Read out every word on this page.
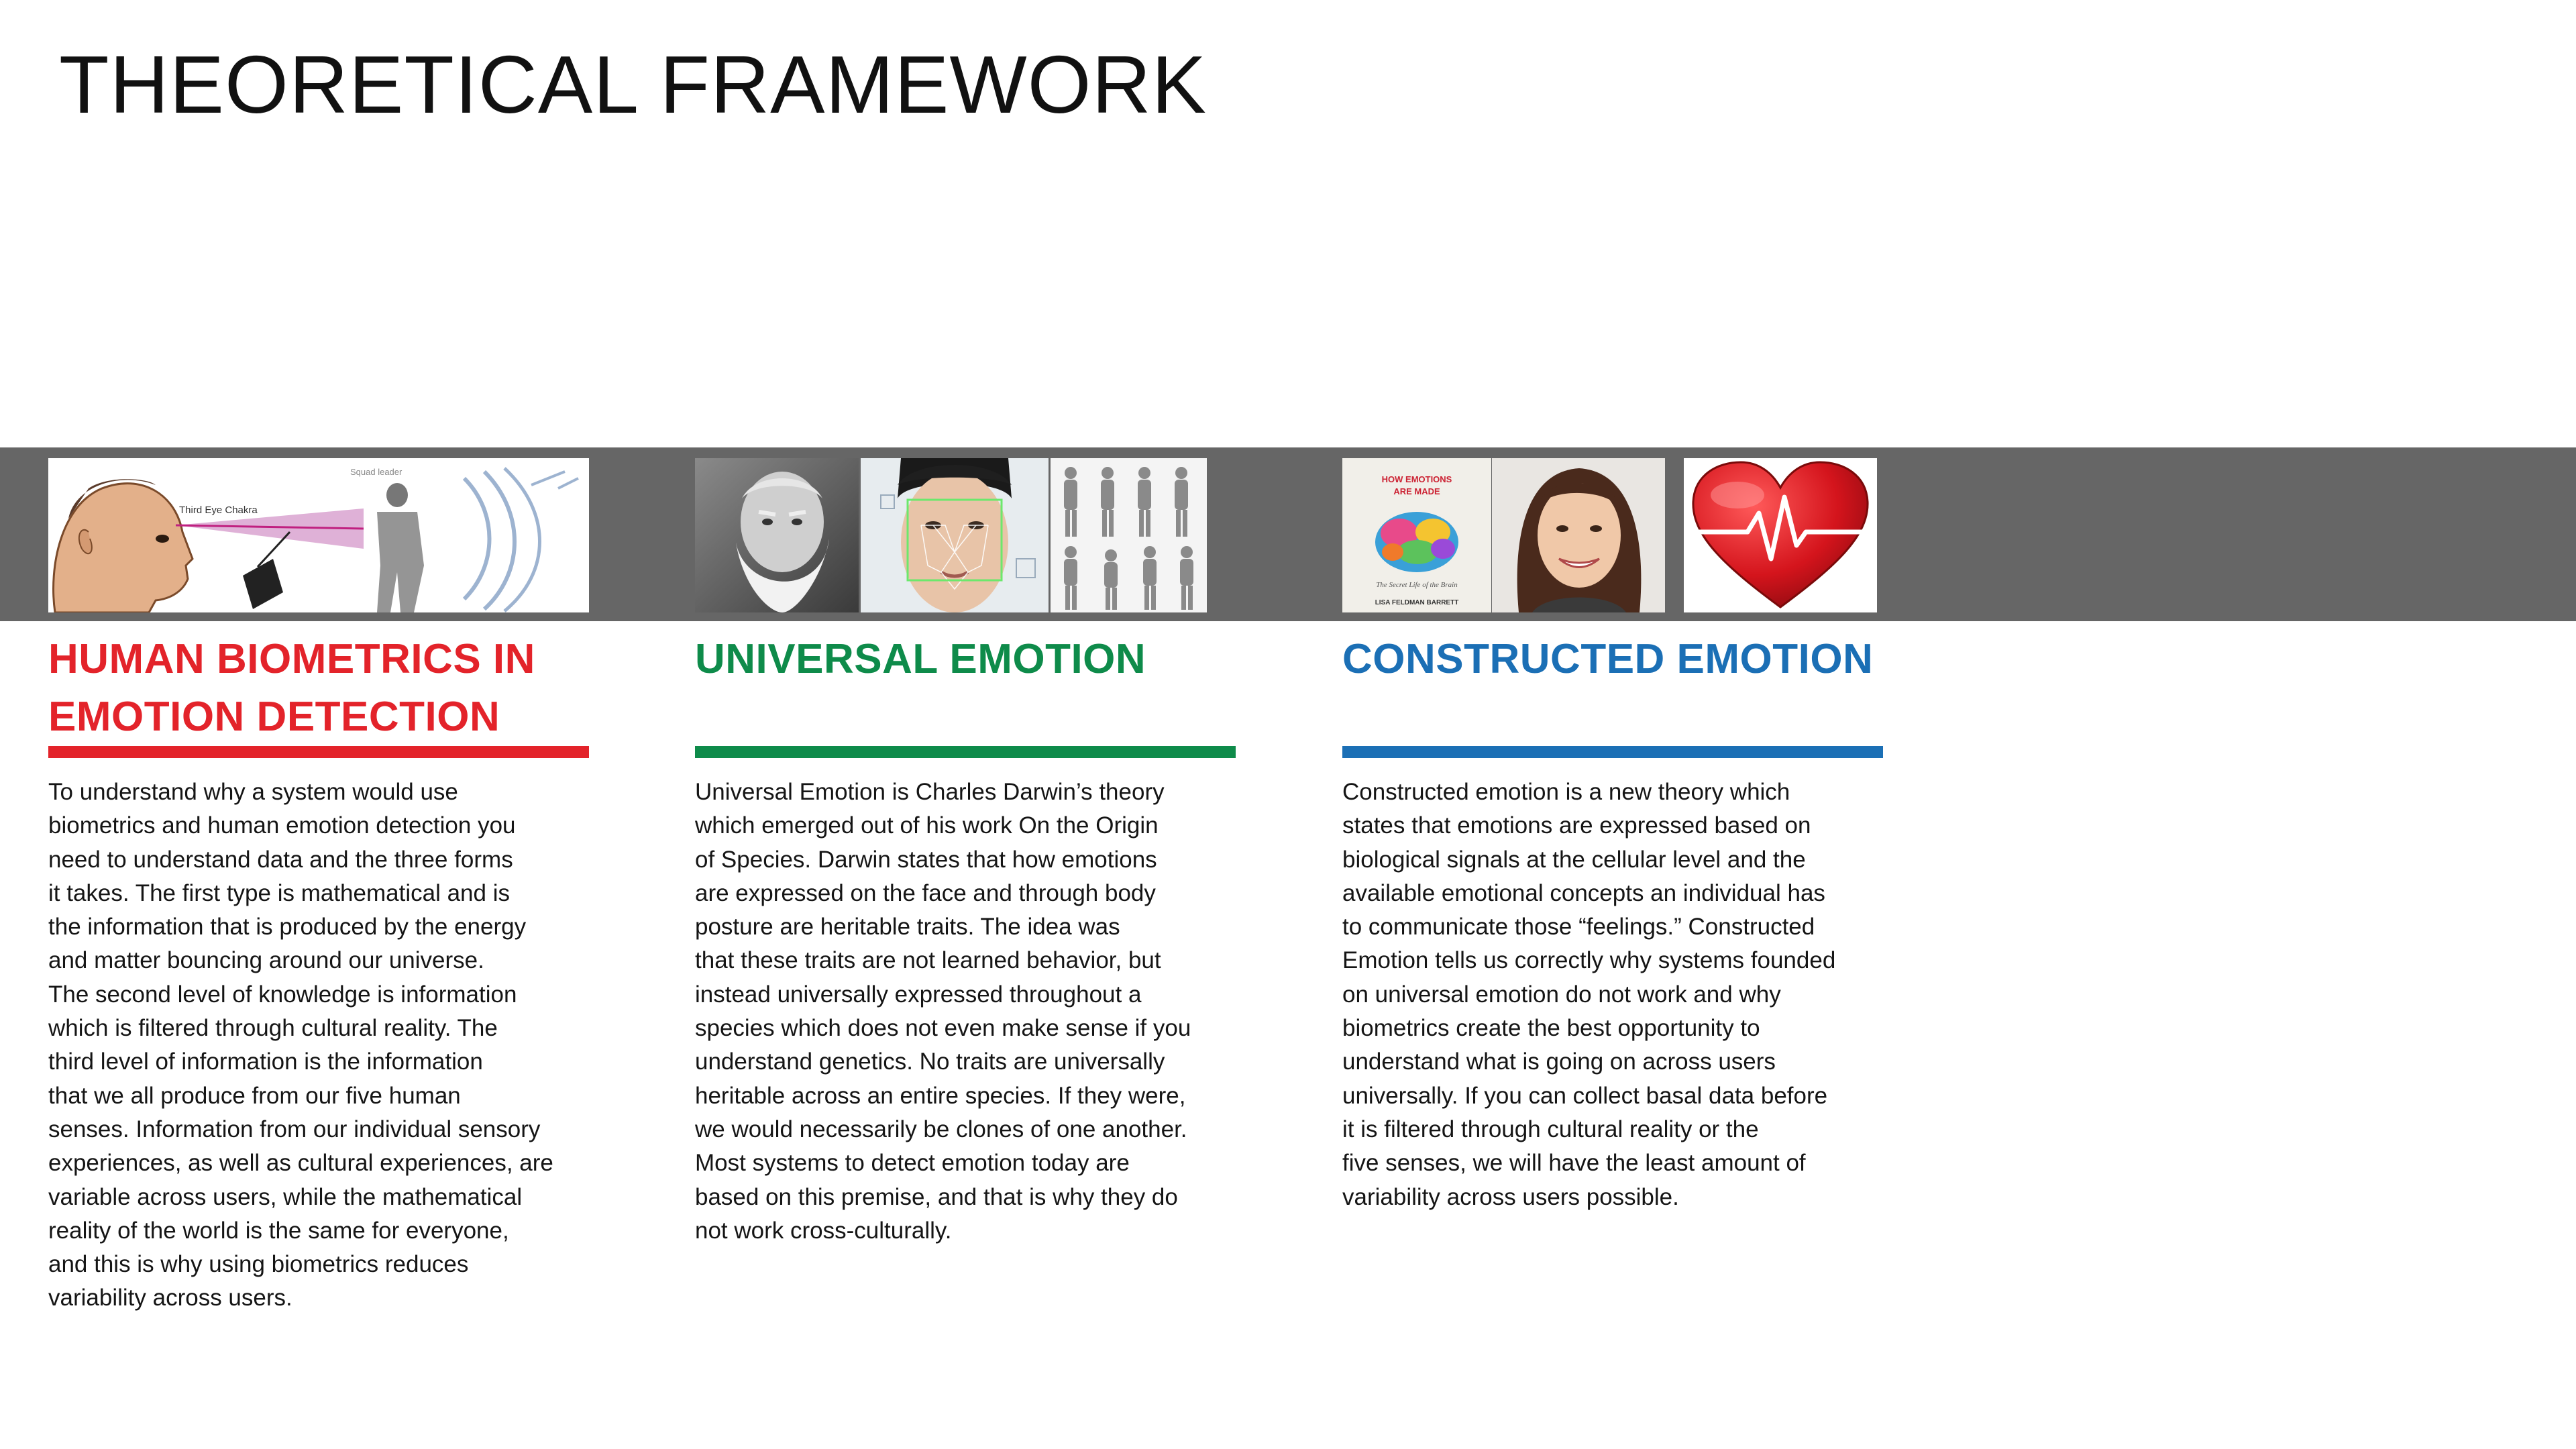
THEORETICAL FRAMEWORK
Third Eye Chakra
Squad leader
HOW EMOTIONS
ARE MADE
The Secret Life of the Brain
LISA FELDMAN BARRETT
HUMAN BIOMETRICS IN
EMOTION DETECTION

To understand why a system would use
biometrics and human emotion detection you
need to understand data and the three forms
it takes. The first type is mathematical and is
the information that is produced by the energy
and matter bouncing around our universe.
The second level of knowledge is information
which is filtered through cultural reality. The
third level of information is the information
that we all produce from our five human
senses. Information from our individual sensory
experiences, as well as cultural experiences, are
variable across users, while the mathematical
reality of the world is the same for everyone,
and this is why using biometrics reduces
variability across users.

UNIVERSAL EMOTION

Universal Emotion is Charles Darwin’s theory
which emerged out of his work On the Origin
of Species. Darwin states that how emotions
are expressed on the face and through body
posture are heritable traits. The idea was
that these traits are not learned behavior, but
instead universally expressed throughout a
species which does not even make sense if you
understand genetics. No traits are universally
heritable across an entire species. If they were,
we would necessarily be clones of one another.
Most systems to detect emotion today are
based on this premise, and that is why they do
not work cross-culturally.

CONSTRUCTED EMOTION

Constructed emotion is a new theory which
states that emotions are expressed based on
biological signals at the cellular level and the
available emotional concepts an individual has
to communicate those “feelings.” Constructed
Emotion tells us correctly why systems founded
on universal emotion do not work and why
biometrics create the best opportunity to
understand what is going on across users
universally. If you can collect basal data before
it is filtered through cultural reality or the
five senses, we will have the least amount of
variability across users possible.
